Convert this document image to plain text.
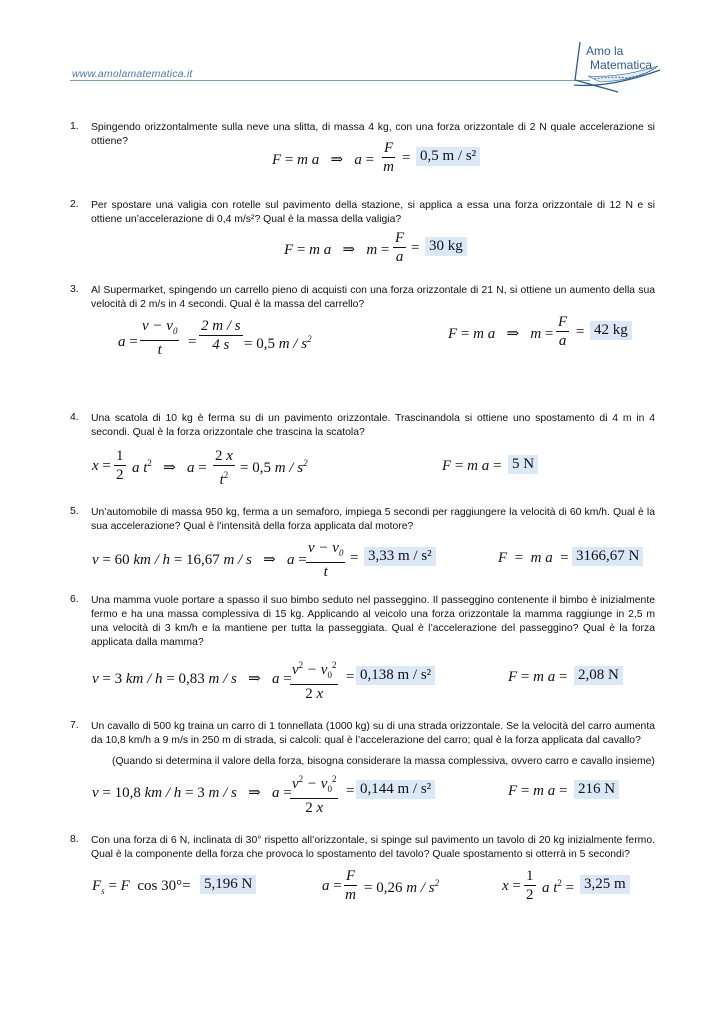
www.amolamatematica.it
Amo la
Matematica
1. Spingendo orizzontalmente sulla neve una slitta, di massa 4 kg, con una forza orizzontale di 2 N quale accelerazione si ottiene?
F = m a   ⇒   $a = \frac{F}{m} = 0,5$ m / s²
2. Per spostare una valigia con rotelle sul pavimento della stazione, si applica a essa una forza orizzontale di 12 N e si ottiene un’accelerazione di 0,4 m/s²? Qual è la massa della valigia?
F = m a   ⇒   $m = \frac{F}{a} = 30$ kg
3. Al Supermarket, spingendo un carrello pieno di acquisti con una forza orizzontale di 21 N, si ottiene un aumento della sua velocità di 2 m/s in 4 secondi. Qual è la massa del carrello?
$a = \frac{v - v_0}{t} = \frac{2 m / s}{4 s} = 0,5$ m / $s^2$	F = m a   ⇒   $m = \frac{F}{a} = 42$ kg
4. Una scatola di 10 kg è ferma su di un pavimento orizzontale. Trascinandola si ottiene uno spostamento di 4 m in 4 secondi. Qual è la forza orizzontale che trascina la scatola?
$x = \frac{1}{2}$ a $t^2$ ⇒   $a = \frac{2 x}{t^2} = 0,5$ m / $s^2$	F = m a = 5 N
5. Un’automobile di massa 950 kg, ferma a un semaforo, impiega 5 secondi per raggiungere la velocità di 60 km/h. Qual è la sua accelerazione? Qual è l’intensità della forza applicata dal motore?
v = 60 km / h = 16,67 m / s   ⇒   $a = \frac{v - v_0}{t} = 3,33$ m / s²	F  =  m a  = 3166,67 N
6. Una mamma vuole portare a spasso il suo bimbo seduto nel passeggino. Il passeggino contenente il bimbo è inizialmente fermo e ha una massa complessiva di 15 kg. Applicando al veicolo una forza orizzontale la mamma raggiunge in 2,5 m una velocità di 3 km/h e la mantiene per tutta la passeggiata. Qual è l’accelerazione del passeggino? Qual è la forza applicata dalla mamma?
v = 3 km / h = 0,83 m / s   ⇒   a =
$\frac{v^2 - v_0^2}{2 x} = 0,138$ m / s²	F = m a = 2,08 N
7. Un cavallo di 500 kg traina un carro di 1 tonnellata (1000 kg) su di una strada orizzontale. Se la velocità del carro aumenta da 10,8 km/h a 9 m/s in 250 m di strada, si calcoli: qual è l’accelerazione del carro; qual è la forza applicata dal cavallo?
(Quando si determina il valore della forza, bisogna considerare la massa complessiva, ovvero carro e cavallo insieme)
v = 10,8 km / h = 3 m / s   ⇒   a =
$\frac{v^2 - v_0^2}{2 x} = 0,144$ m / s²	F = m a = 216 N
8. Con una forza di 6 N, inclinata di 30° rispetto all’orizzontale, si spinge sul pavimento un tavolo di 20 kg inizialmente fermo. Qual è la componente della forza che provoca lo spostamento del tavolo? Quale spostamento si otterrà in 5 secondi?
$F_s = F$  cos 30°= 5,196 N	$a = \frac{F}{m} = 0,26$ m / $s^2$	$x = \frac{1}{2}$ a $t^2 = 3,25$ m
